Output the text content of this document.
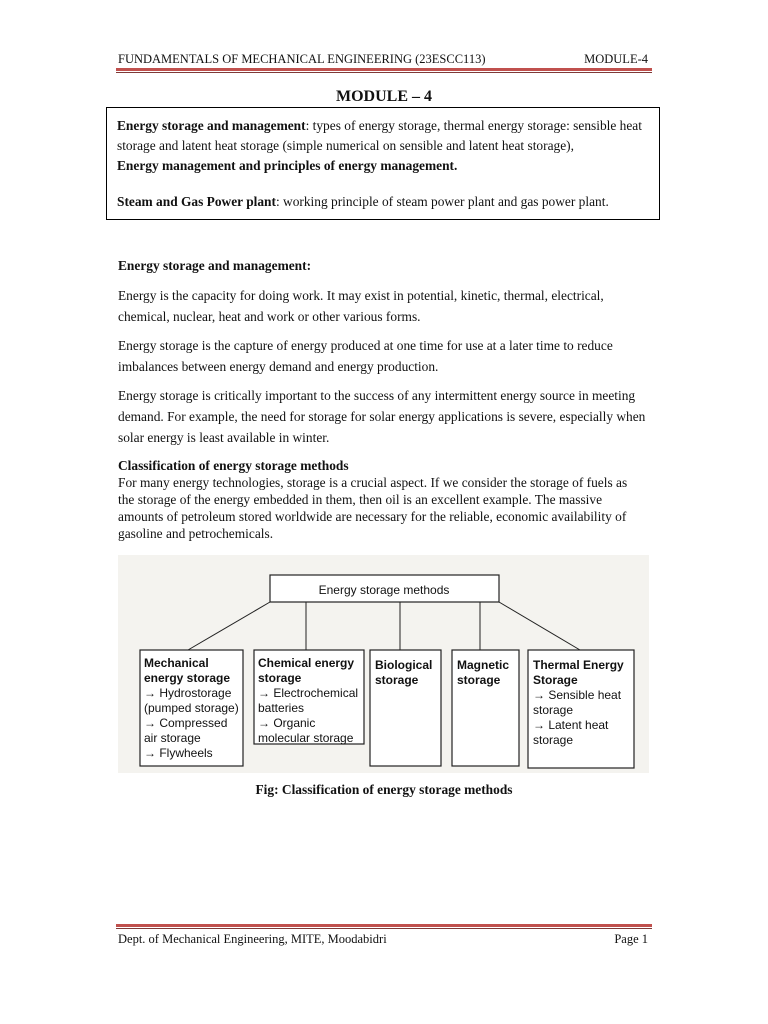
FUNDAMENTALS OF MECHANICAL ENGINEERING (23ESCC113)	MODULE-4
MODULE – 4

Energy storage and management: types of energy storage, thermal energy storage: sensible heat storage and latent heat storage (simple numerical on sensible and latent heat storage),

Energy management and principles of energy management.

Steam and Gas Power plant: working principle of steam power plant and gas power plant.

Energy storage and management:
Energy is the capacity for doing work. It may exist in potential, kinetic, thermal, electrical, chemical, nuclear, heat and work or other various forms.
Energy storage is the capture of energy produced at one time for use at a later time to reduce imbalances between energy demand and energy production.
Energy storage is critically important to the success of any intermittent energy source in meeting demand. For example, the need for storage for solar energy applications is severe, especially when solar energy is least available in winter.

Classification of energy storage methods

For many energy technologies, storage is a crucial aspect. If we consider the storage of fuels as the storage of the energy embedded in them, then oil is an excellent example. The massive amounts of petroleum stored worldwide are necessary for the reliable, economic availability of gasoline and petrochemicals.

Energy storage methods
Mechanical
energy storage
→ Hydrostorage
(pumped storage)
→ Compressed
air storage
→ Flywheels
Chemical energy
storage
→ Electrochemical
batteries
→ Organic
molecular storage
Biological
storage
Magnetic
storage
Thermal Energy
Storage
→ Sensible heat
storage
→ Latent heat
storage
Fig: Classification of energy storage methods
Dept. of Mechanical Engineering, MITE, Moodabidri	Page 1
